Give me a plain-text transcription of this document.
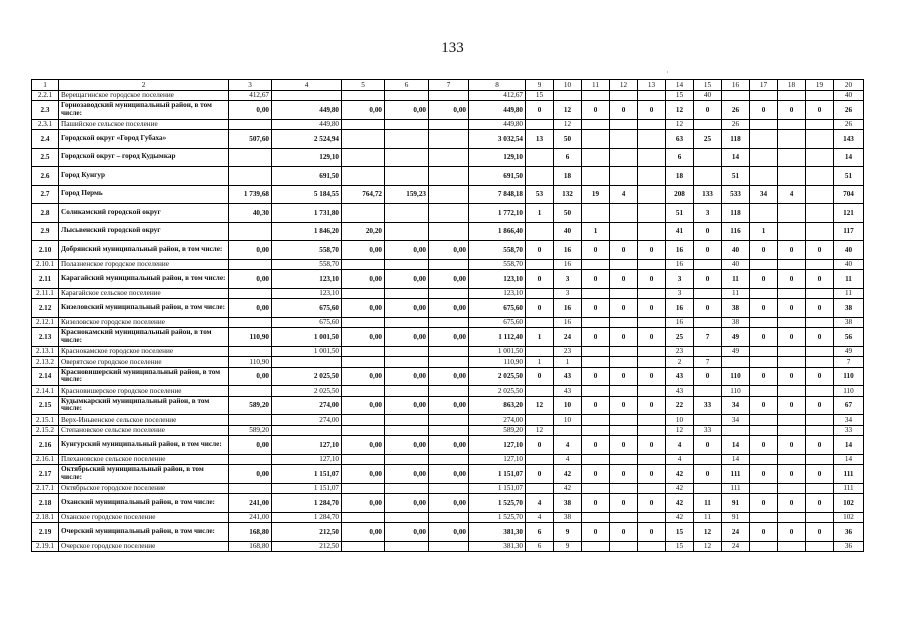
133
·
1	2	3	4	5	6	7	8	9	10	11	12	13	14	15	16	17	18	19	20
2.2.1	Верещагинское городское поселение	412,67					412,67	15					15	40					40
2.3	Горнозаводский муниципальный район, в том числе:	0,00	449,80	0,00	0,00	0,00	449,80	0	12	0	0	0	12	0	26	0	0	0	26
2.3.1	Пашийское сельское поселение		449,80				449,80		12				12		26				26
2.4	Городской округ «Город Губаха»	507,60	2 524,94				3 032,54	13	50				63	25	118				143
2.5	Городской округ – город Кудымкар		129,10				129,10		6				6		14				14
2.6	Город Кунгур		691,50				691,50		18				18		51				51
2.7	Город Пермь	1 739,68	5 184,55	764,72	159,23		7 848,18	53	132	19	4		208	133	533	34	4		704
2.8	Соликамский городской округ	40,30	1 731,80				1 772,10	1	50				51	3	118				121
2.9	Лысьвенский городской округ		1 846,20	20,20			1 866,40		40	1			41	0	116	1			117
2.10	Добрянский муниципальный район, в том числе:	0,00	558,70	0,00	0,00	0,00	558,70	0	16	0	0	0	16	0	40	0	0	0	40
2.10.1	Полазненское городское поселение		558,70				558,70		16				16		40				40
2.11	Карагайский муниципальный район, в том числе:	0,00	123,10	0,00	0,00	0,00	123,10	0	3	0	0	0	3	0	11	0	0	0	11
2.11.1	Карагайское сельское поселение		123,10				123,10		3				3		11				11
2.12	Кизеловский муниципальный район, в том числе:	0,00	675,60	0,00	0,00	0,00	675,60	0	16	0	0	0	16	0	38	0	0	0	38
2.12.1	Кизеловское городское поселение		675,60				675,60		16				16		38				38
2.13	Краснокамский муниципальный район, в том числе:	110,90	1 001,50	0,00	0,00	0,00	1 112,40	1	24	0	0	0	25	7	49	0	0	0	56
2.13.1	Краснокамское городское поселение		1 001,50				1 001,50		23				23		49				49
2.13.2	Оверятское городское поселение	110,90					110,90	1	1				2	7					7
2.14	Красновишерский муниципальный район, в том числе:	0,00	2 025,50	0,00	0,00	0,00	2 025,50	0	43	0	0	0	43	0	110	0	0	0	110
2.14.1	Красновишерское городское поселение		2 025,50				2 025,50		43				43		110				110
2.15	Кудымкарский муниципальный район, в том числе:	589,20	274,00	0,00	0,00	0,00	863,20	12	10	0	0	0	22	33	34	0	0	0	67
2.15.1	Верх-Иньвенское сельское поселение		274,00				274,00		10				10		34				34
2.15.2	Степановское сельское поселение	589,20					589,20	12					12	33					33
2.16	Кунгурский муниципальный район, в том числе:	0,00	127,10	0,00	0,00	0,00	127,10	0	4	0	0	0	4	0	14	0	0	0	14
2.16.1	Плехановское сельское поселение		127,10				127,10		4				4		14				14
2.17	Октябрьский муниципальный район, в том числе:	0,00	1 151,07	0,00	0,00	0,00	1 151,07	0	42	0	0	0	42	0	111	0	0	0	111
2.17.1	Октябрьское городское поселение		1 151,07				1 151,07		42				42		111				111
2.18	Оханский муниципальный район, в том числе:	241,00	1 284,70	0,00	0,00	0,00	1 525,70	4	38	0	0	0	42	11	91	0	0	0	102
2.18.1	Оханское городское поселение	241,00	1 284,70				1 525,70	4	38				42	11	91				102
2.19	Очерский муниципальный район, в том числе:	168,80	212,50	0,00	0,00	0,00	381,30	6	9	0	0	0	15	12	24	0	0	0	36
2.19.1	Очерское городское поселение	168,80	212,50				381,30	6	9				15	12	24				36
